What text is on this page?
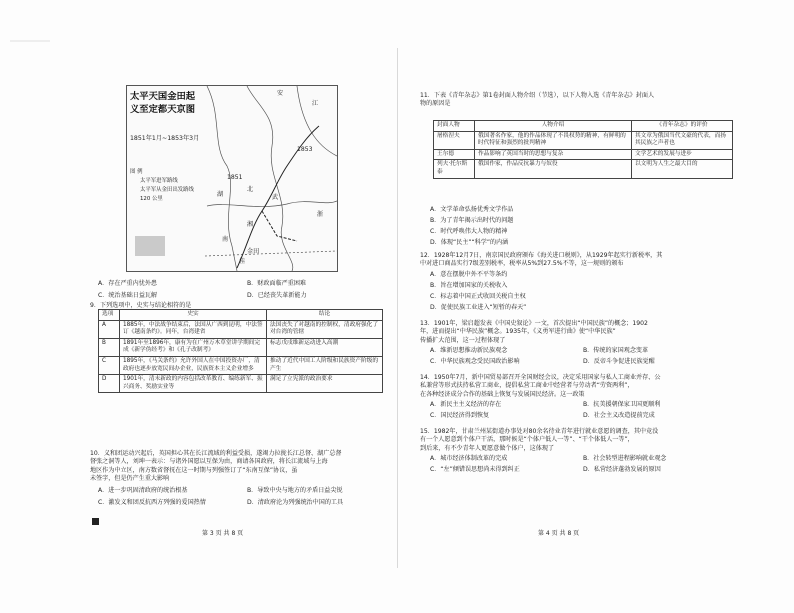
太平天国金田起义至定都天京图
1851年1月~1853年3月
图 例
太平军进军路线
太平军从金田出发路线
120 公里
安
江
湖
南
北
武
湘
浙
桂
金田
1851
1853
A．存在严重内忧外患	B．财政面临严重困难
C．统治基础日益瓦解	D．已经丧失革新能力
9．下列选项中，史实与结论相符的是
选项	史实	结论
A	1885年，中法战争结束后，法国从广西到昆明，中法签订《越南条约》。同年，台湾建省	法国丧失了对越南的控制权，清政府强化了对台湾的管辖
B	1891年至1896年，康有为在广州万木草堂讲学期间完成《新学伪经考》和《孔子改制考》	标志戊戌维新运动进入高潮
C	1895年，《马关条约》允许外国人在中国投资办厂，清政府也逐步放宽民间办企业，民族资本主义企业增多	推动了近代中国工人阶级和民族资产阶级的产生
D	1901年，清末新政的内容包括改革教育、编练新军、振兴商务、奖励实业等	满足了立宪派的政治要求
10．义和团运动兴起后，英国担心其在长江流域的利益受损，遂竭力拉拢长江总督、湖广总督
督张之洞等人，刘坤一表示：与诸外国愿以互保为由，商请各国政府，将长江流域与上海
地区作为中立区，南方数省督抚在这一时期与列强签订了“东南互保”协议，虽
未签字，但是仍产生重大影响
A．进一步巩固清政府的统治根基	B．导致中央与地方的矛盾日益尖锐
C．激发义和团反抗西方列强的爱国热情	D．清政府沦为列强统治中国的工具
第 3 页 共 8 页
11．下表《青年杂志》第1卷封面人物介绍（节选），以下人物入选《青年杂志》封面人
物的原因是
封面人物	人物介绍	《青年杂志》的评价
屠格涅夫	俄国著名作家，他的作品体现了不畏权势的精神，有鲜明的时代特征和强烈的批判精神	其文章为俄国当代文豪的代表，而扬其民族之声者也
王尔德	作品影响了英国当时的思想与复杂	文学艺术的发展与进步
列夫·托尔斯泰	俄国作家，作品反抗暴力与奴役	以文明为人生之最大目的
A．文学革命弘扬优秀文学作品
B．为了青年揭示出时代的问题
C．时代呼唤伟大人物的精神
D．体现“民主”“科学”的内涵
12．1928年12月7日，南京国民政府颁布《海关进口税则》，从1929年起实行新税率，其
中对进口商品实行7级差别税率，税率从5%到27.5%不等，这一规则的颁布
A．意在摆脱中外不平等条约
B．旨在增加国家的关税收入
C．标志着中国正式收回关税自主权
D．促使民族工业进入“短暂的春天”
13．1901年，梁启超发表《中国史叙论》一文，首次提出“中国民族”的概念；1902
年，进而提出“中华民族”概念。1935年，《义勇军进行曲》使“中华民族”
传播扩大范围，这一过程体现了
A．维新思想推动新民族观念	B．传统的家国观念变革
C．中华民族观念受民国政治影响	D．反帝斗争促进民族觉醒
14．1950年7月，新中国贸易部召开全国财经会议，决定采用国家与私人工商业并存、公
私兼营等形式扶持私营工商业，提倡私营工商业中经营者与劳动者“劳资两利”，
在各种经济成分合作的基础上恢复与发展国民经济。这一政策
A．新民主主义经济的存在	B．抗美援朝保家卫国更顺利
C．国民经济得到恢复	D．社会主义改造提前完成
15．1982年，甘肃兰州某街道办事处对80余名待业青年进行就业意愿的调查，其中竟没
有一个人愿意到个体户干活，那时候是“个体户低人一等”、“干个体低人一等”，
到后来，有不少青年人更愿意做个体户，这体现了
A．城市经济体制改革的完成	B．社会转型进程影响就业观念
C．“左”倾错误思想尚未得到纠正	D．私营经济蓬勃发展的原因
第 4 页 共 8 页
